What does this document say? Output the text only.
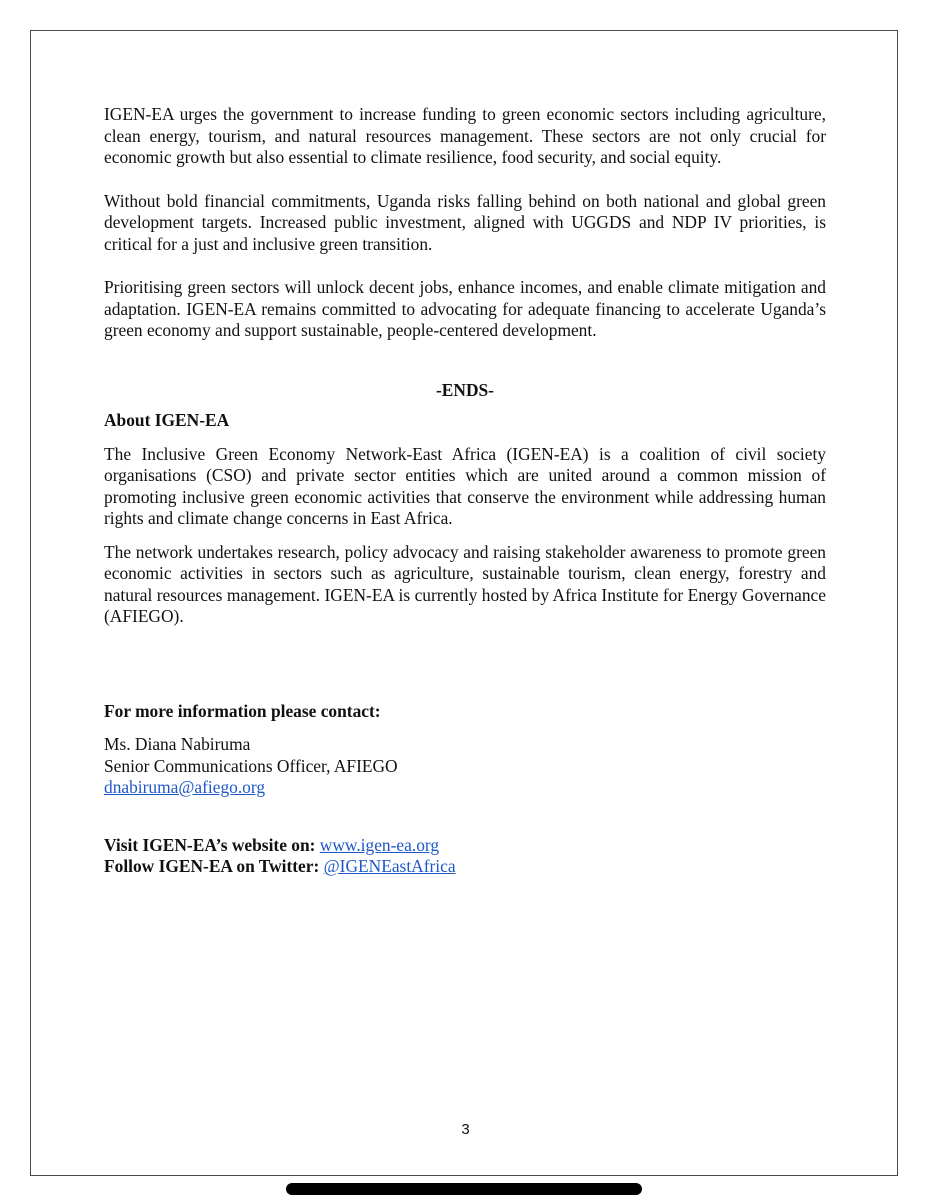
IGEN-EA urges the government to increase funding to green economic sectors including agriculture, clean energy, tourism, and natural resources management. These sectors are not only crucial for economic growth but also essential to climate resilience, food security, and social equity.

Without bold financial commitments, Uganda risks falling behind on both national and global green development targets. Increased public investment, aligned with UGGDS and NDP IV priorities, is critical for a just and inclusive green transition.

Prioritising green sectors will unlock decent jobs, enhance incomes, and enable climate mitigation and adaptation. IGEN-EA remains committed to advocating for adequate financing to accelerate Uganda’s green economy and support sustainable, people-centered development.

-ENDS-
About IGEN-EA

The Inclusive Green Economy Network-East Africa (IGEN-EA) is a coalition of civil society organisations (CSO) and private sector entities which are united around a common mission of promoting inclusive green economic activities that conserve the environment while addressing human rights and climate change concerns in East Africa.

The network undertakes research, policy advocacy and raising stakeholder awareness to promote green economic activities in sectors such as agriculture, sustainable tourism, clean energy, forestry and natural resources management. IGEN-EA is currently hosted by Africa Institute for Energy Governance (AFIEGO).

For more information please contact:
Ms. Diana Nabiruma
Senior Communications Officer, AFIEGO
dnabiruma@afiego.org
Visit IGEN-EA’s website on: www.igen-ea.org
Follow IGEN-EA on Twitter: @IGENEastAfrica
3
